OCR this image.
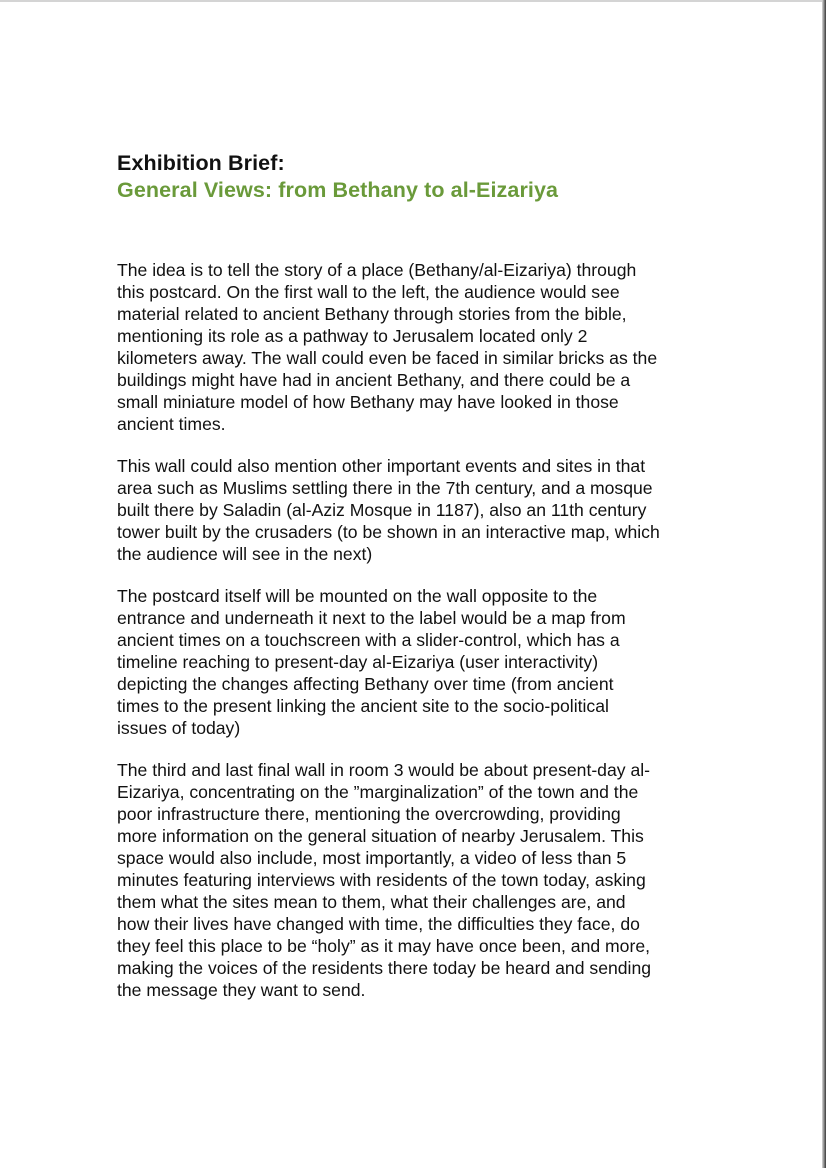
Exhibition Brief:
General Views: from Bethany to al-Eizariya

The idea is to tell the story of a place (Bethany/al-Eizariya) through
this postcard. On the first wall to the left, the audience would see
material related to ancient Bethany through stories from the bible,
mentioning its role as a pathway to Jerusalem located only 2
kilometers away. The wall could even be faced in similar bricks as the
buildings might have had in ancient Bethany, and there could be a
small miniature model of how Bethany may have looked in those
ancient times.

This wall could also mention other important events and sites in that
area such as Muslims settling there in the 7th century, and a mosque
built there by Saladin (al-Aziz Mosque in 1187), also an 11th century
tower built by the crusaders (to be shown in an interactive map, which
the audience will see in the next)

The postcard itself will be mounted on the wall opposite to the
entrance and underneath it next to the label would be a map from
ancient times on a touchscreen with a slider-control, which has a
timeline reaching to present-day al-Eizariya (user interactivity)
depicting the changes affecting Bethany over time (from ancient
times to the present linking the ancient site to the socio-political
issues of today)

The third and last final wall in room 3 would be about present-day al-
Eizariya, concentrating on the ”marginalization” of the town and the
poor infrastructure there, mentioning the overcrowding, providing
more information on the general situation of nearby Jerusalem. This
space would also include, most importantly, a video of less than 5
minutes featuring interviews with residents of the town today, asking
them what the sites mean to them, what their challenges are, and
how their lives have changed with time, the difficulties they face, do
they feel this place to be “holy” as it may have once been, and more,
making the voices of the residents there today be heard and sending
the message they want to send.
